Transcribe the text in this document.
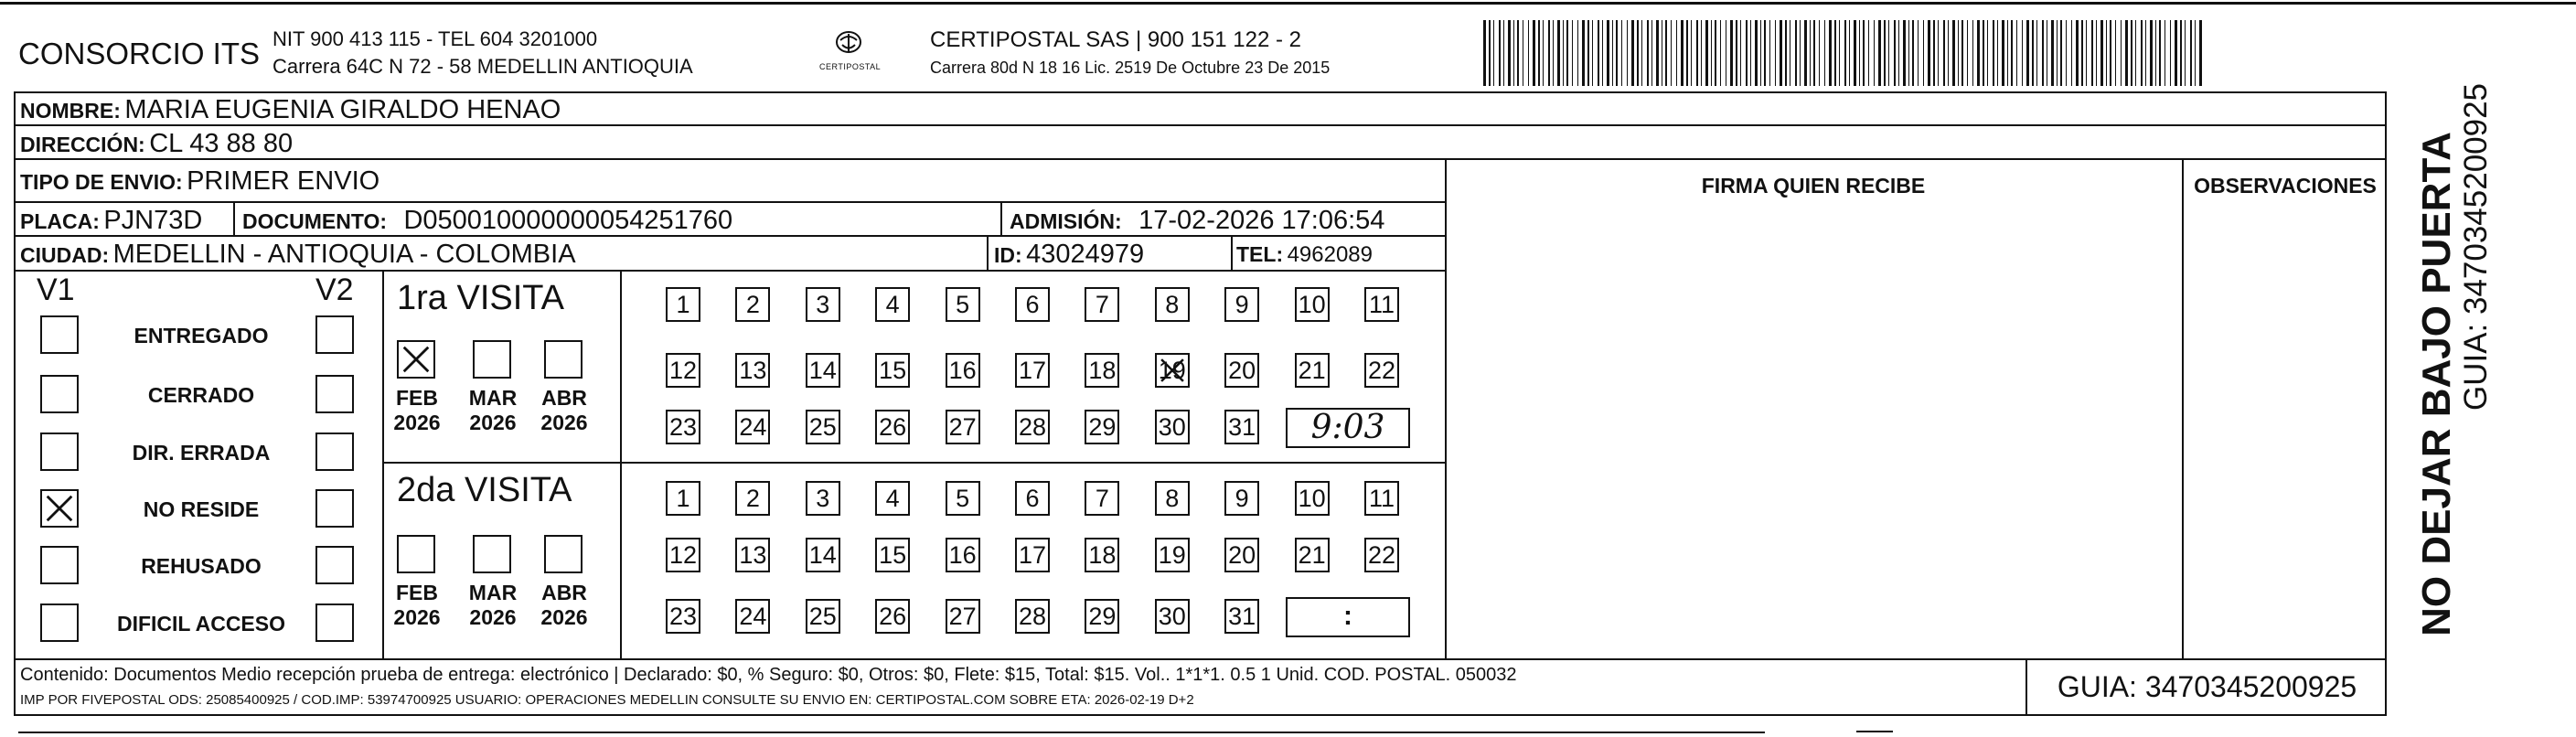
CONSORCIO ITS NIT 900 413 115 - TEL 604 3201000
Carrera 64C N 72 - 58 MEDELLIN ANTIOQUIA	CERTIPOSTAL
CERTIPOSTAL SAS | 900 151 122 - 2
Carrera 80d N 18 16 Lic. 2519 De Octubre 23 De 2015
NOMBRE: MARIA EUGENIA GIRALDO HENAO
DIRECCIÓN: CL 43 88 80
TIPO DE ENVIO: PRIMER ENVIO	FIRMA QUIEN RECIBE	OBSERVACIONES
PLACA: PJN73D DOCUMENTO: D050010000000054251760	ADMISIÓN: 17-02-2026 17:06:54
CIUDAD: MEDELLIN - ANTIOQUIA - COLOMBIA	ID: 43024979	TEL: 4962089
V1	V2
ENTREGADO
CERRADO
DIR. ERRADA
NO RESIDE
REHUSADO
DIFICIL ACCESO
1ra VISITA
FEB
2026
MAR
2026
ABR
2026
1	2	3	4	5	6	7	8	9	10 11
12 13 14 15 16 17 18 19 20 21 22
23 24 25 26 27 28 29 30 31	9:03
2da VISITA
FEB
2026
MAR
2026
ABR
2026
1	2	3	4	5	6	7	8	9	10 11
12 13 14 15 16 17 18 19 20 21 22
23 24 25 26 27 28 29 30 31	:
Contenido: Documentos Medio recepción prueba de entrega: electrónico | Declarado: $0, % Seguro: $0, Otros: $0, Flete: $15, Total: $15. Vol.. 1*1*1. 0.5 1 Unid. COD. POSTAL. 050032
IMP POR FIVEPOSTAL ODS: 25085400925 / COD.IMP: 53974700925 USUARIO: OPERACIONES MEDELLIN CONSULTE SU ENVIO EN: CERTIPOSTAL.COM SOBRE ETA: 2026-02-19 D+2	GUIA: 3470345200925
NO DEJAR BAJO PUERTA GUIA: 3470345200925
